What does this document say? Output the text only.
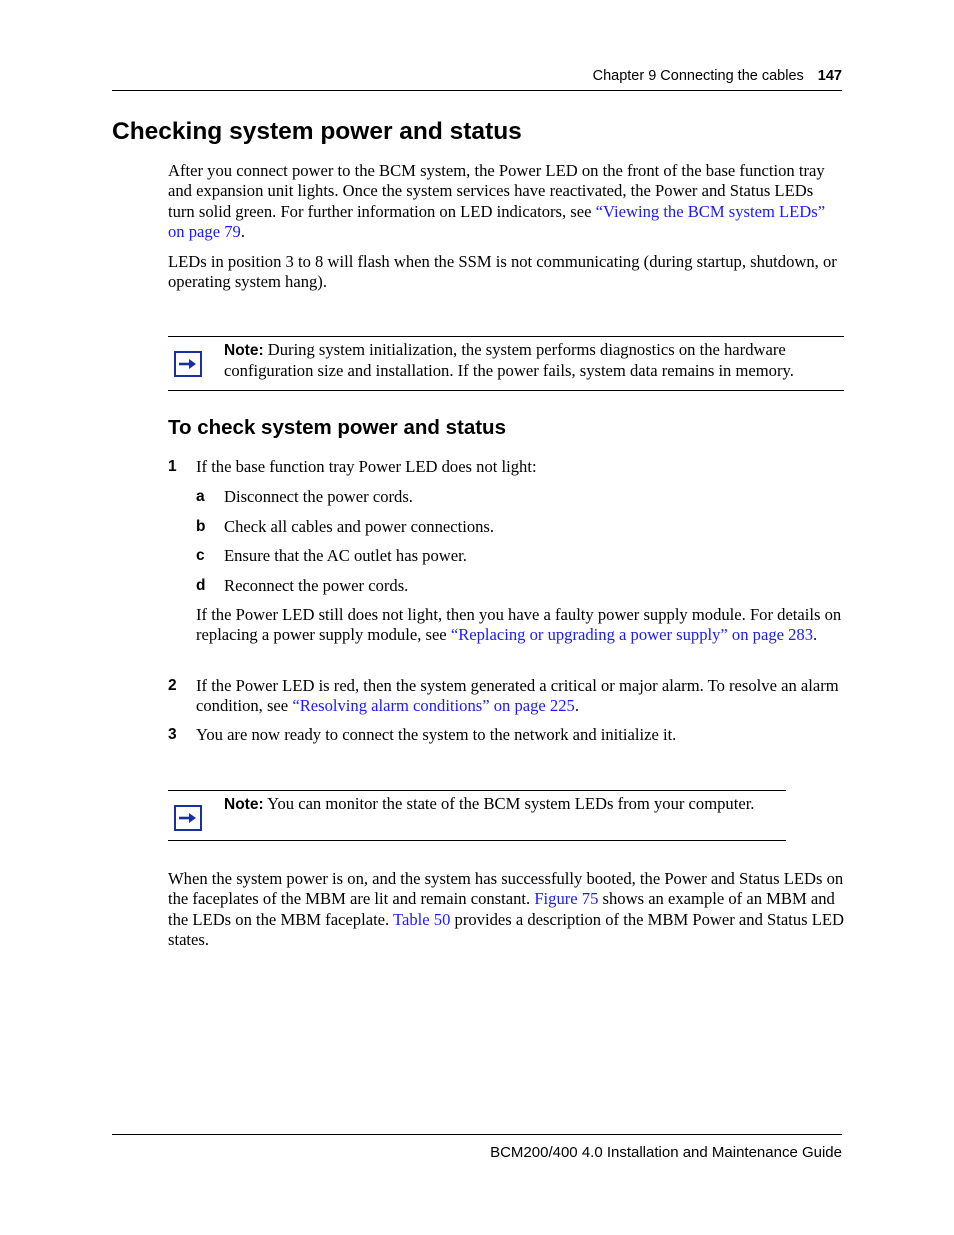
Chapter 9 Connecting the cables 147
Checking system power and status

After you connect power to the BCM system, the Power LED on the front of the base function tray and expansion unit lights. Once the system services have reactivated, the Power and Status LEDs turn solid green. For further information on LED indicators, see “Viewing the BCM system LEDs” on page 79.

LEDs in position 3 to 8 will flash when the SSM is not communicating (during startup, shutdown, or operating system hang).

Note: During system initialization, the system performs diagnostics on the hardware configuration size and installation. If the power fails, system data remains in memory.

To check system power and status
1 If the base function tray Power LED does not light:

a Disconnect the power cords.

b Check all cables and power connections.

c Ensure that the AC outlet has power.

d Reconnect the power cords.

If the Power LED still does not light, then you have a faulty power supply module. For details on replacing a power supply module, see “Replacing or upgrading a power supply” on page 283.

2 If the Power LED is red, then the system generated a critical or major alarm. To resolve an alarm condition, see “Resolving alarm conditions” on page 225.

3 You are now ready to connect the system to the network and initialize it.

Note: You can monitor the state of the BCM system LEDs from your computer.

When the system power is on, and the system has successfully booted, the Power and Status LEDs on the faceplates of the MBM are lit and remain constant. Figure 75 shows an example of an MBM and the LEDs on the MBM faceplate. Table 50 provides a description of the MBM Power and Status LED states.

BCM200/400 4.0 Installation and Maintenance Guide
